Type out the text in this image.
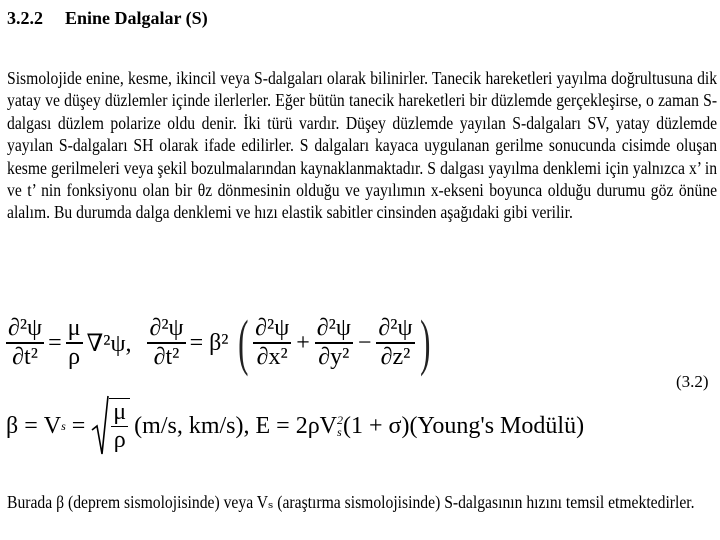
3.2.2 Enine Dalgalar (S)
Sismolojide enine, kesme, ikincil veya S-dalgaları olarak bilinirler. Tanecik hareketleri yayılma doğrultusuna dik yatay ve düşey düzlemler içinde ilerlerler. Eğer bütün tanecik hareketleri bir düzlemde gerçekleşirse, o zaman S- dalgası düzlem polarize oldu denir. İki türü vardır. Düşey düzlemde yayılan S-dalgaları SV, yatay düzlemde yayılan S-dalgaları SH olarak ifade edilirler. S dalgaları kayaca uygulanan gerilme sonucunda cisimde oluşan kesme gerilmeleri veya şekil bozulmalarından kaynaklanmaktadır. S dalgası yayılma denklemi için yalnızca x’ in ve t’ nin fonksiyonu olan bir θz dönmesinin olduğu ve yayılımın x-ekseni boyunca olduğu durumu göz önüne alalım. Bu durumda dalga denklemi ve hızı elastik sabitler cinsinden aşağıdaki gibi verilir.
$\frac{\text{∂²ψ}}{\text{∂t²}} = \frac{\mu}{\rho} \nabla^2\psi$, $\frac{\text{∂²ψ}}{\text{∂t²}} = \beta^2$ ( $\frac{\text{∂²ψ}}{\text{∂x²}} + \frac{\text{∂²ψ}}{\text{∂y²}} - \frac{\text{∂²ψ}}{\text{∂z²}}$ )
(3.2)
β = V $s = \frac{\mu}{\rho} (m/s$, km/s), E = 2ρV 2
s (1 + σ)(Young's Modülü)
Burada β (deprem sismolojisinde) veya Vₛ (araştırma sismolojisinde) S-dalgasının hızını temsil etmektedirler.
